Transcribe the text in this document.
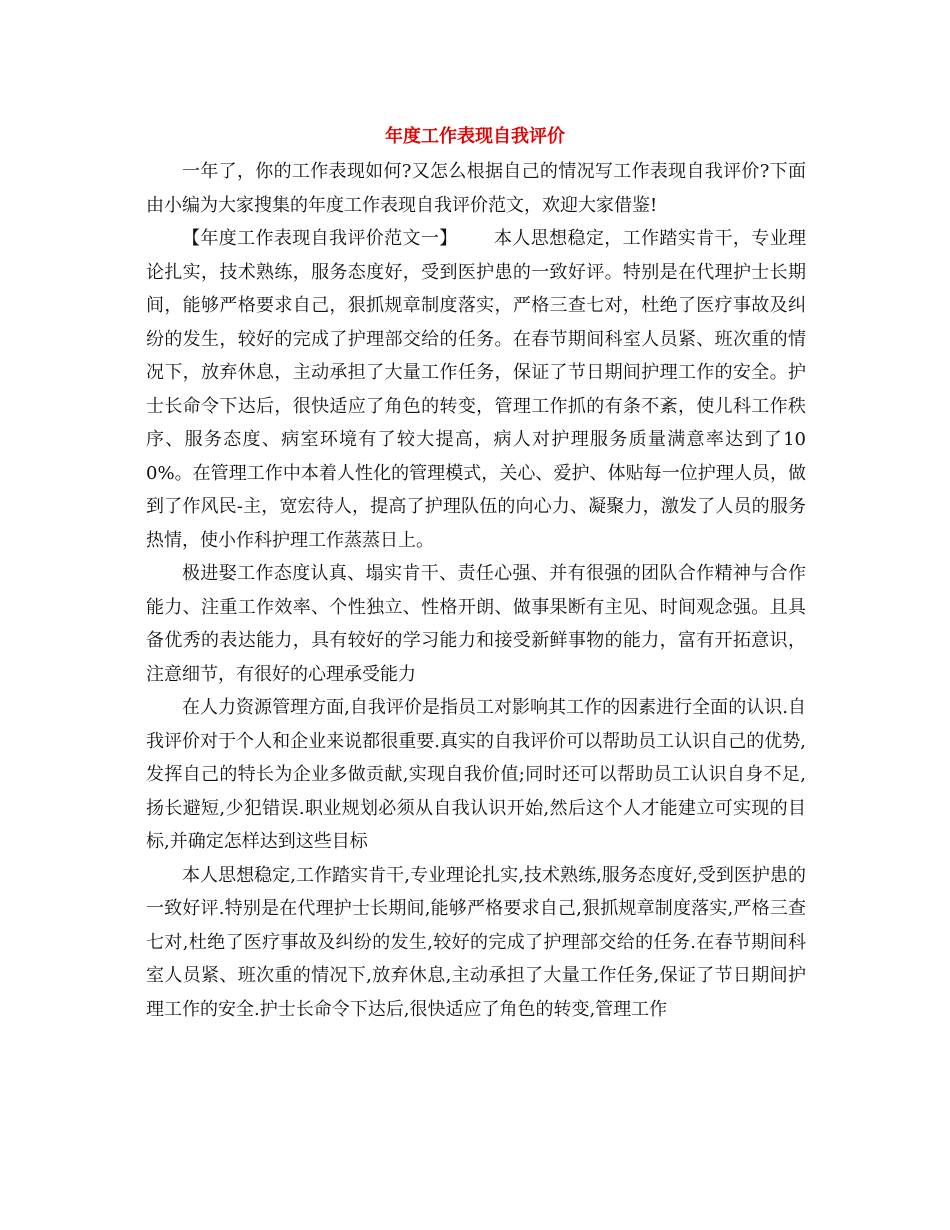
年度工作表现自我评价

一年了，你的工作表现如何?又怎么根据自己的情况写工作表现自我评价?下面由小编为大家搜集的年度工作表现自我评价范文，欢迎大家借鉴!

【年度工作表现自我评价范文一】 本人思想稳定，工作踏实肯干，专业理论扎实，技术熟练，服务态度好，受到医护患的一致好评。特别是在代理护士长期间，能够严格要求自己，狠抓规章制度落实，严格三查七对，杜绝了医疗事故及纠纷的发生，较好的完成了护理部交给的任务。在春节期间科室人员紧、班次重的情况下，放弃休息，主动承担了大量工作任务，保证了节日期间护理工作的安全。护士长命令下达后，很快适应了角色的转变，管理工作抓的有条不紊，使儿科工作秩序、服务态度、病室环境有了较大提高，病人对护理服务质量满意率达到了100%。在管理工作中本着人性化的管理模式，关心、爱护、体贴每一位护理人员，做到了作风民-主，宽宏待人，提高了护理队伍的向心力、凝聚力，激发了人员的服务热情，使小作科护理工作蒸蒸日上。

极进娶工作态度认真、塌实肯干、责任心强、并有很强的团队合作精神与合作能力、注重工作效率、个性独立、性格开朗、做事果断有主见、时间观念强。且具备优秀的表达能力，具有较好的学习能力和接受新鲜事物的能力，富有开拓意识，注意细节，有很好的心理承受能力

在人力资源管理方面,自我评价是指员工对影响其工作的因素进行全面的认识.自我评价对于个人和企业来说都很重要.真实的自我评价可以帮助员工认识自己的优势,发挥自己的特长为企业多做贡献,实现自我价值;同时还可以帮助员工认识自身不足,扬长避短,少犯错误.职业规划必须从自我认识开始,然后这个人才能建立可实现的目标,并确定怎样达到这些目标

本人思想稳定,工作踏实肯干,专业理论扎实,技术熟练,服务态度好,受到医护患的一致好评.特别是在代理护士长期间,能够严格要求自己,狠抓规章制度落实,严格三查七对,杜绝了医疗事故及纠纷的发生,较好的完成了护理部交给的任务.在春节期间科室人员紧、班次重的情况下,放弃休息,主动承担了大量工作任务,保证了节日期间护理工作的安全.护士长命令下达后,很快适应了角色的转变,管理工作
